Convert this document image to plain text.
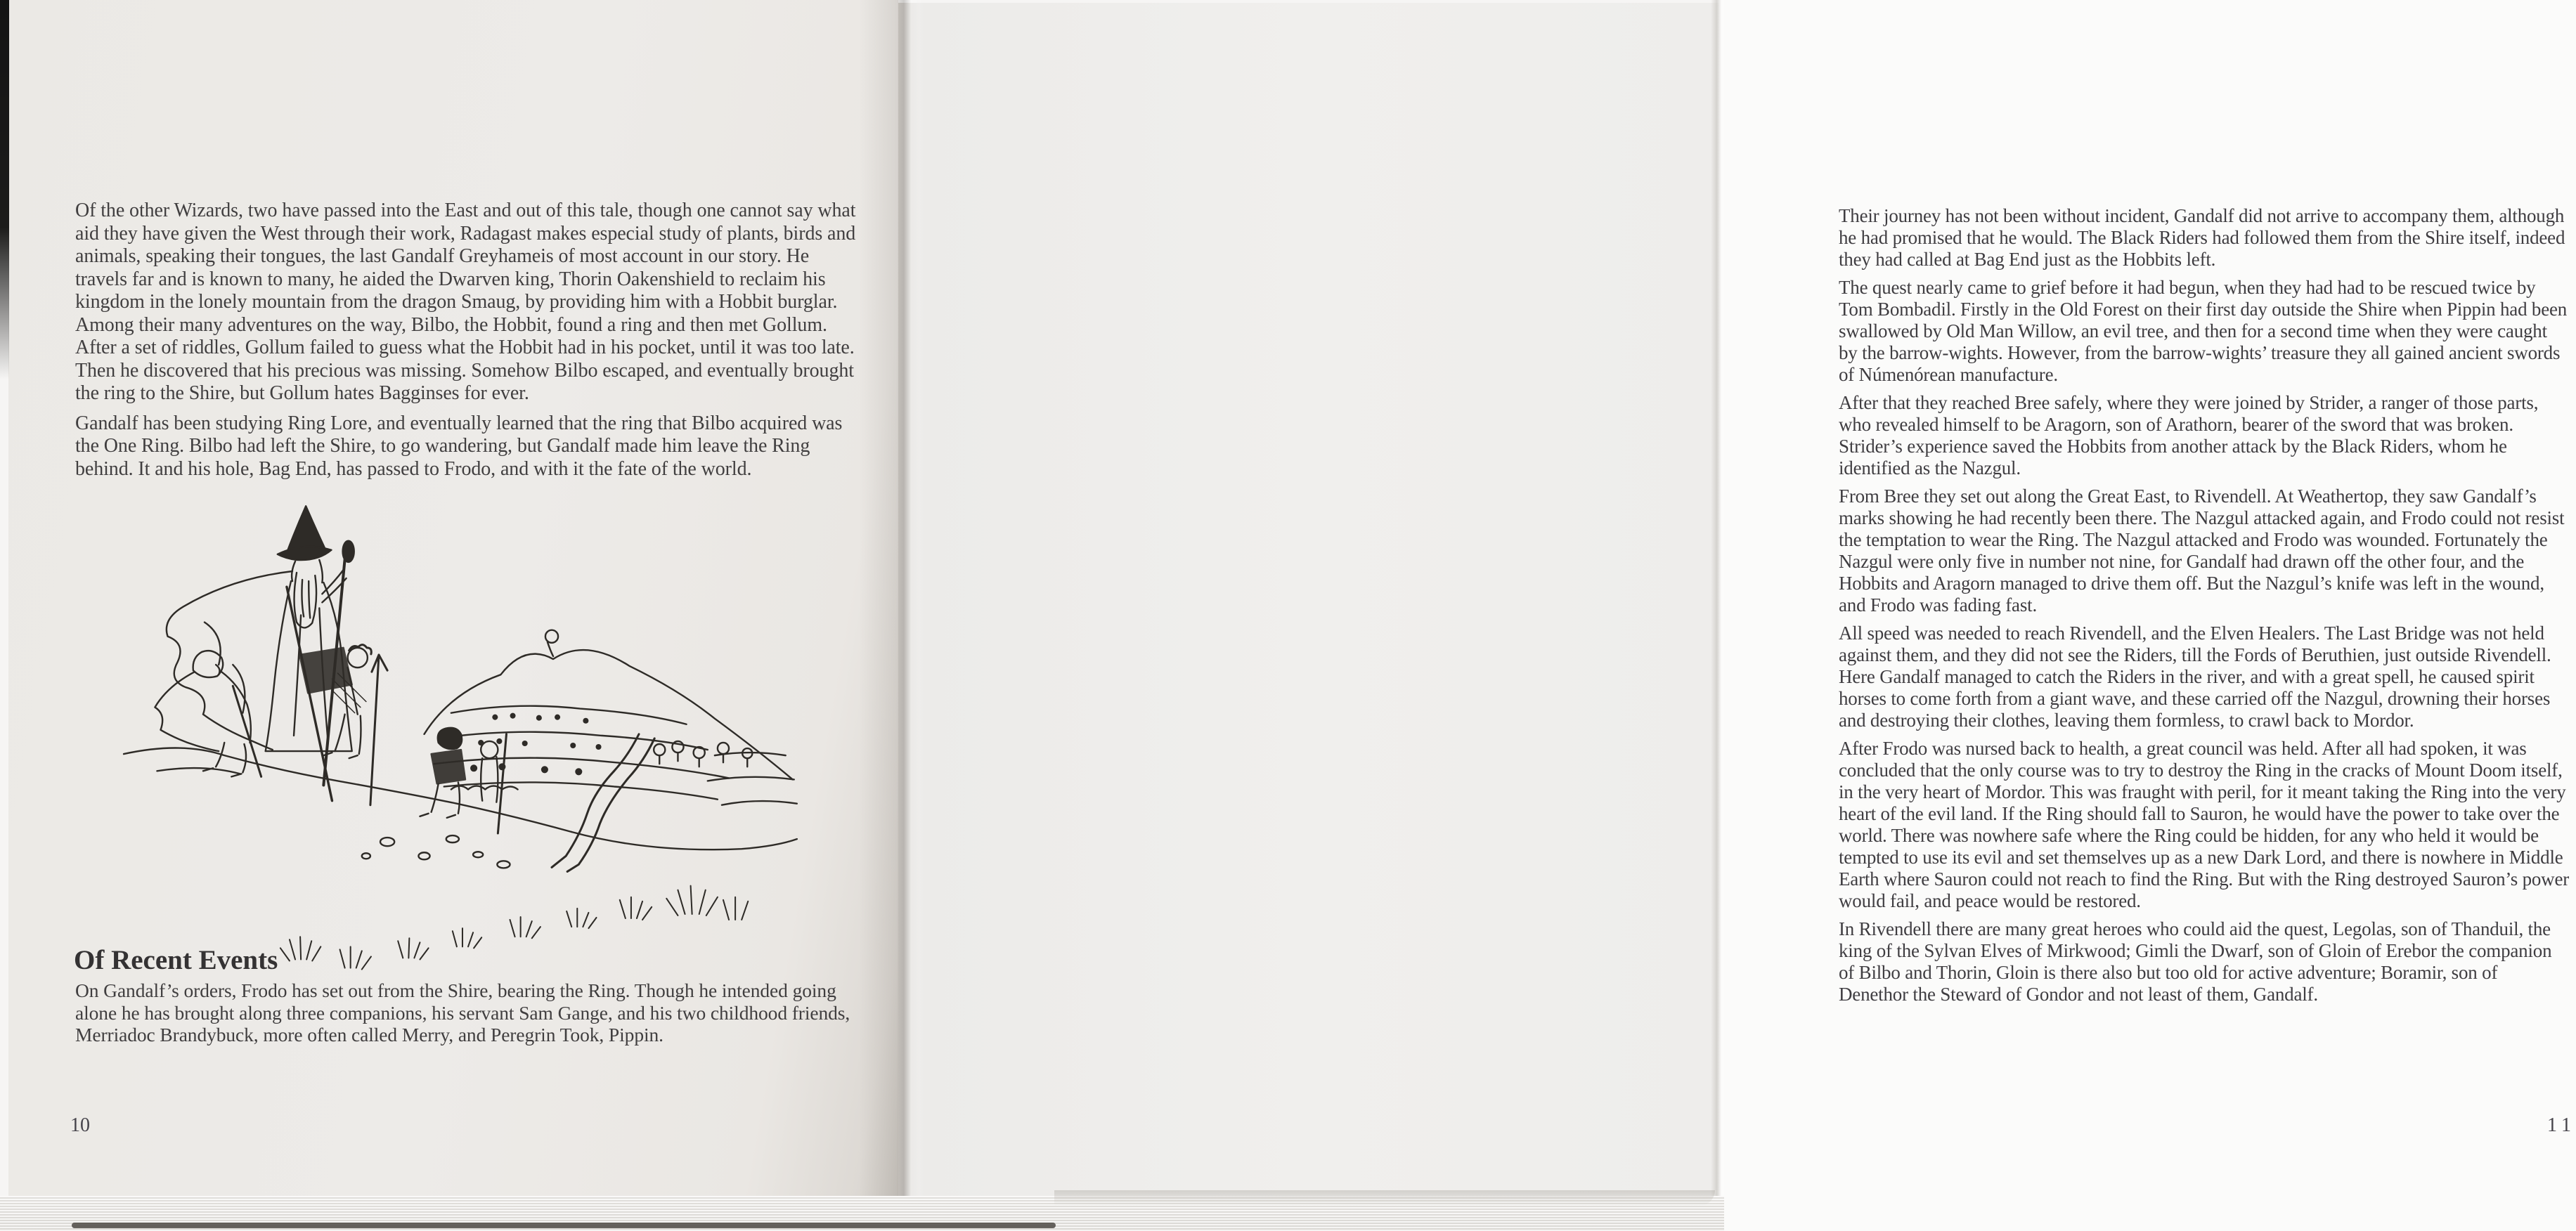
Of the other Wizards, two have passed into the East and out of this tale, though one cannot say what aid they have given the West through their work, Radagast makes especial study of plants, birds and animals, speaking their tongues, the last Gandalf Greyhameis of most account in our story. He travels far and is known to many, he aided the Dwarven king, Thorin Oakenshield to reclaim his kingdom in the lonely mountain from the dragon Smaug, by providing him with a Hobbit burglar. Among their many adventures on the way, Bilbo, the Hobbit, found a ring and then met Gollum. After a set of riddles, Gollum failed to guess what the Hobbit had in his pocket, until it was too late. Then he discovered that his precious was missing. Somehow Bilbo escaped, and eventually brought the ring to the Shire, but Gollum hates Bagginses for ever.

Gandalf has been studying Ring Lore, and eventually learned that the ring that Bilbo acquired was the One Ring. Bilbo had left the Shire, to go wandering, but Gandalf made him leave the Ring behind. It and his hole, Bag End, has passed to Frodo, and with it the fate of the world.

Of Recent Events

On Gandalf’s orders, Frodo has set out from the Shire, bearing the Ring. Though he intended going alone he has brought along three companions, his servant Sam Gange, and his two childhood friends, Merriadoc Brandybuck, more often called Merry, and Peregrin Took, Pippin.

10

Their journey has not been without incident, Gandalf did not arrive to accompany them, although he had promised that he would. The Black Riders had followed them from the Shire itself, indeed they had called at Bag End just as the Hobbits left.

The quest nearly came to grief before it had begun, when they had had to be rescued twice by Tom Bombadil. Firstly in the Old Forest on their first day outside the Shire when Pippin had been swallowed by Old Man Willow, an evil tree, and then for a second time when they were caught by the barrow-wights. However, from the barrow-wights’ treasure they all gained ancient swords of Númenórean manufacture.

After that they reached Bree safely, where they were joined by Strider, a ranger of those parts, who revealed himself to be Aragorn, son of Arathorn, bearer of the sword that was broken. Strider’s experience saved the Hobbits from another attack by the Black Riders, whom he identified as the Nazgul.

From Bree they set out along the Great East, to Rivendell. At Weathertop, they saw Gandalf’s marks showing he had recently been there. The Nazgul attacked again, and Frodo could not resist the temptation to wear the Ring. The Nazgul attacked and Frodo was wounded. Fortunately the Nazgul were only five in number not nine, for Gandalf had drawn off the other four, and the Hobbits and Aragorn managed to drive them off. But the Nazgul’s knife was left in the wound, and Frodo was fading fast.

All speed was needed to reach Rivendell, and the Elven Healers. The Last Bridge was not held against them, and they did not see the Riders, till the Fords of Beruthien, just outside Rivendell. Here Gandalf managed to catch the Riders in the river, and with a great spell, he caused spirit horses to come forth from a giant wave, and these carried off the Nazgul, drowning their horses and destroying their clothes, leaving them formless, to crawl back to Mordor.

After Frodo was nursed back to health, a great council was held. After all had spoken, it was concluded that the only course was to try to destroy the Ring in the cracks of Mount Doom itself, in the very heart of Mordor. This was fraught with peril, for it meant taking the Ring into the very heart of the evil land. If the Ring should fall to Sauron, he would have the power to take over the world. There was nowhere safe where the Ring could be hidden, for any who held it would be tempted to use its evil and set themselves up as a new Dark Lord, and there is nowhere in Middle Earth where Sauron could not reach to find the Ring. But with the Ring destroyed Sauron’s power would fail, and peace would be restored.

In Rivendell there are many great heroes who could aid the quest, Legolas, son of Thanduil, the king of the Sylvan Elves of Mirkwood; Gimli the Dwarf, son of Gloin of Erebor the companion of Bilbo and Thorin, Gloin is there also but too old for active adventure; Boramir, son of Denethor the Steward of Gondor and not least of them, Gandalf.

11
